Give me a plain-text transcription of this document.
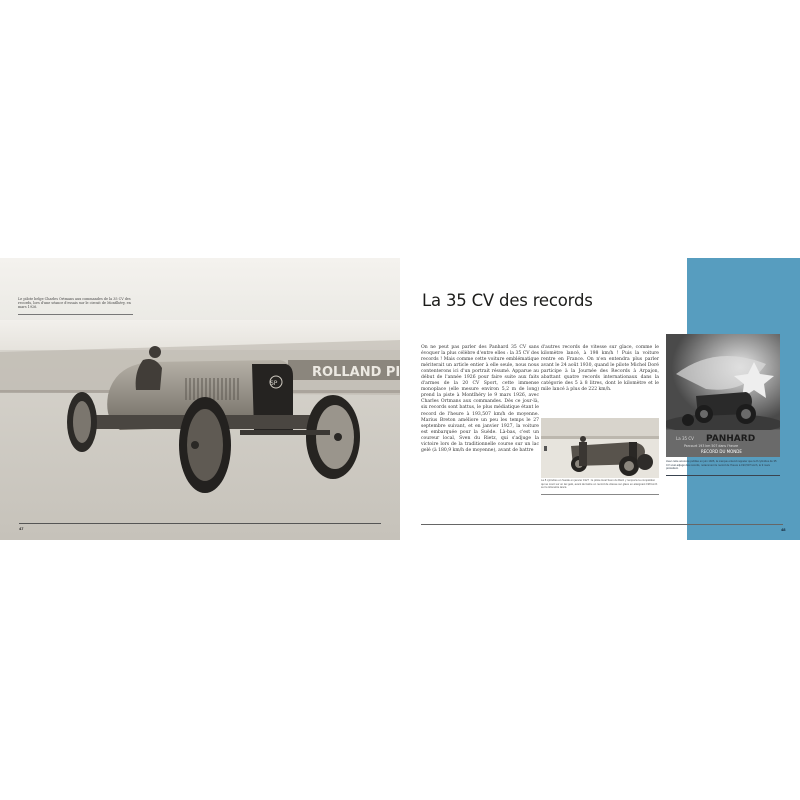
Le pilote belge Charles Ortmans aux commandes de la 35 CV des records, lors d'une séance d'essais sur le circuit de Montlhéry, en mars 1926.
ROLLAND PI
SP
47
La 35 CV des records

On ne peut pas parler des Panhard 35 CV sans évoquer la plus célèbre d'entre elles : la 35 CV des records ! Mais comme cette voiture emblématique mériterait un article entier à elle seule, nous nous contenterons ici d'un portrait résumé. Apparue au début de l'année 1926 pour faire suite aux faits d'armes de la 20 CV Sport, cette immense monoplace (elle mesure environ 5,2 m de long) prend la piste à Montlhéry le 9 mars 1926, avec Charles Ortmans aux commandes. Dès ce jour-là, six records sont battus, le plus médiatique étant le record de l'heure à 193,507 km/h de moyenne. Marius Breton améliore un peu les temps le 27 septembre suivant, et en janvier 1927, la voiture est embarquée pour la Suède. Là-bas, c'est un coureur local, Sven du Rietz, qui s'adjuge la victoire lors de la traditionnelle course sur un lac gelé (à 180,9 km/h de moyenne), avant de battre

d'autres records de vitesse sur glace, comme le kilomètre lancé, à 198 km/h ! Puis la voiture rentre en France. On n'en entendra plus parler avant le 24 août 1930, quand le pilote Michel Doré participe à la Journée des Records à Arpajon, abattant quatre records internationaux dans la catégorie des 5 à 8 litres, dont le kilomètre et le mile lancé à plus de 222 km/h.

La 8 cylindres en Suède en janvier 1927 : le pilote local Sven du Rietz y remporte la compétition qui se court sur un lac gelé, avant de battre un record de vitesse sur glace en atteignant 198 km/h sur le kilomètre lancé.
La 35 CV PANHARD
Parcourt 193 km 507 dans l'heure
RECORD DU MONDE
Avec cette annonce publiée en juin 1926, la marque entend rappeler que la 8 cylindres de 35 CV s'est adjugé des records, notamment le record de l'heure à 193,507 km/h, le 9 mars précédent.
48
